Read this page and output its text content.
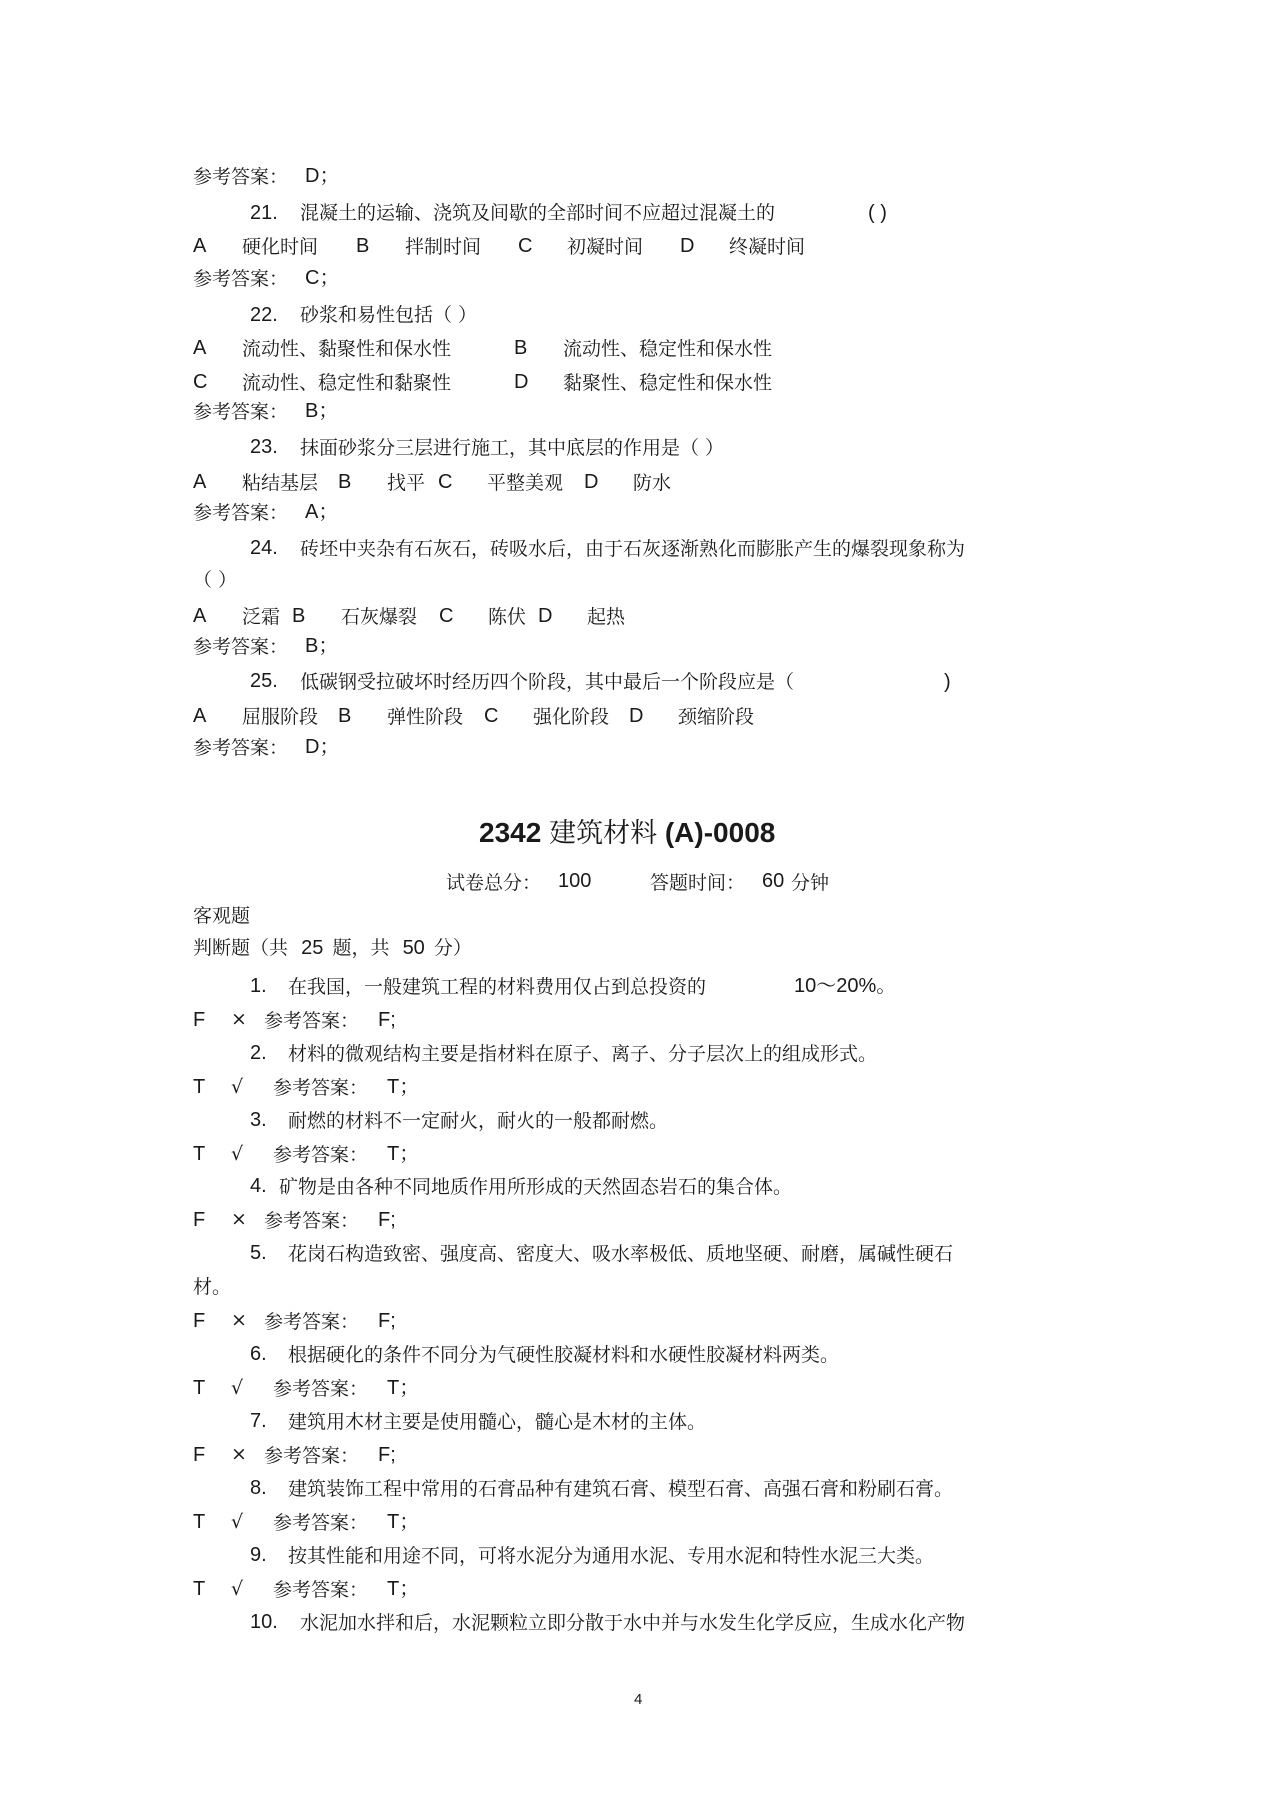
参考答案： D；
21. 混凝土的运输、浇筑及间歇的全部时间不应超过混凝土的	( )
A 硬化时间 B 拌制时间 C 初凝时间 D 终凝时间
参考答案： C；
22. 砂浆和易性包括（ ）
A 流动性、黏聚性和保水性	B 流动性、稳定性和保水性
C 流动性、稳定性和黏聚性	D 黏聚性、稳定性和保水性
参考答案： B；
23. 抹面砂浆分三层进行施工，其中底层的作用是（ ）
A 粘结基层 B 找平 C 平整美观 D 防水
参考答案： A；
24. 砖坯中夹杂有石灰石，砖吸水后，由于石灰逐渐熟化而膨胀产生的爆裂现象称为
（ ）
A 泛霜 B 石灰爆裂 C 陈伏 D 起热
参考答案： B；
25. 低碳钢受拉破坏时经历四个阶段，其中最后一个阶段应是（	)
A 屈服阶段 B 弹性阶段 C 强化阶段 D 颈缩阶段
参考答案： D；
2342 建筑材料 (A)-0008
试卷总分： 100	答题时间： 60 分钟
客观题
判断题（共 25 题，共 50 分）
1. 在我国，一般建筑工程的材料费用仅占到总投资的	10～20%。
F × 参考答案： F;
2. 材料的微观结构主要是指材料在原子、离子、分子层次上的组成形式。
T √ 参考答案： T；
3. 耐燃的材料不一定耐火，耐火的一般都耐燃。
T √ 参考答案： T；
4. 矿物是由各种不同地质作用所形成的天然固态岩石的集合体。
F × 参考答案： F;
5. 花岗石构造致密、强度高、密度大、吸水率极低、质地坚硬、耐磨，属碱性硬石
材。
F × 参考答案： F;
6. 根据硬化的条件不同分为气硬性胶凝材料和水硬性胶凝材料两类。
T √ 参考答案： T；
7. 建筑用木材主要是使用髓心，髓心是木材的主体。
F × 参考答案： F;
8. 建筑装饰工程中常用的石膏品种有建筑石膏、模型石膏、高强石膏和粉刷石膏。
T √ 参考答案： T；
9. 按其性能和用途不同，可将水泥分为通用水泥、专用水泥和特性水泥三大类。
T √ 参考答案： T；
10. 水泥加水拌和后，水泥颗粒立即分散于水中并与水发生化学反应，生成水化产物
4
